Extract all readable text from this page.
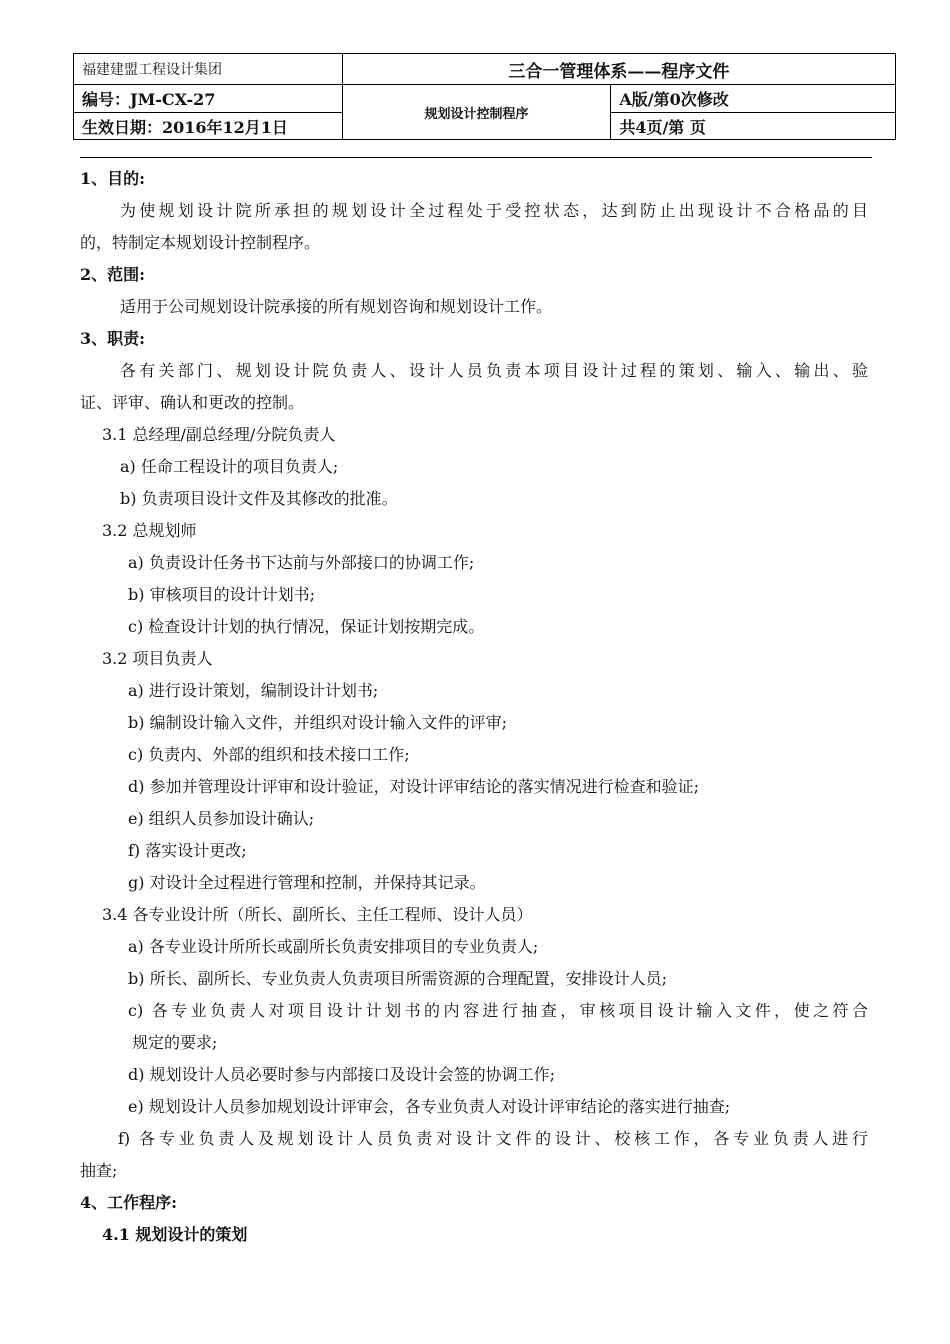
福建建盟工程设计集团	三合一管理体系——程序文件	
编号：JM-CX-27	规划设计控制程序	A版/第0次修改
生效日期：2016年12月1日		共4页/第 页
1、目的:
为使规划设计院所承担的规划设计全过程处于受控状态，达到防止出现设计不合格品的目
的，特制定本规划设计控制程序。
2、范围:
适用于公司规划设计院承接的所有规划咨询和规划设计工作。
3、职责:
各有关部门、规划设计院负责人、设计人员负责本项目设计过程的策划、输入、输出、验
证、评审、确认和更改的控制。
3.1 总经理/副总经理/分院负责人
a) 任命工程设计的项目负责人;
b) 负责项目设计文件及其修改的批准。
3.2 总规划师
a) 负责设计任务书下达前与外部接口的协调工作;
b) 审核项目的设计计划书;
c) 检查设计计划的执行情况，保证计划按期完成。
3.2 项目负责人
a) 进行设计策划，编制设计计划书;
b) 编制设计输入文件，并组织对设计输入文件的评审;
c) 负责内、外部的组织和技术接口工作;
d) 参加并管理设计评审和设计验证，对设计评审结论的落实情况进行检查和验证;
e) 组织人员参加设计确认;
f) 落实设计更改;
g) 对设计全过程进行管理和控制，并保持其记录。
3.4 各专业设计所（所长、副所长、主任工程师、设计人员）
a) 各专业设计所所长或副所长负责安排项目的专业负责人;
b) 所长、副所长、专业负责人负责项目所需资源的合理配置，安排设计人员;
c) 各专业负责人对项目设计计划书的内容进行抽查，审核项目设计输入文件，使之符合
规定的要求;
d) 规划设计人员必要时参与内部接口及设计会签的协调工作;
e) 规划设计人员参加规划设计评审会，各专业负责人对设计评审结论的落实进行抽查;
f) 各专业负责人及规划设计人员负责对设计文件的设计、校核工作，各专业负责人进行
抽查;
4、工作程序:
4.1 规划设计的策划
